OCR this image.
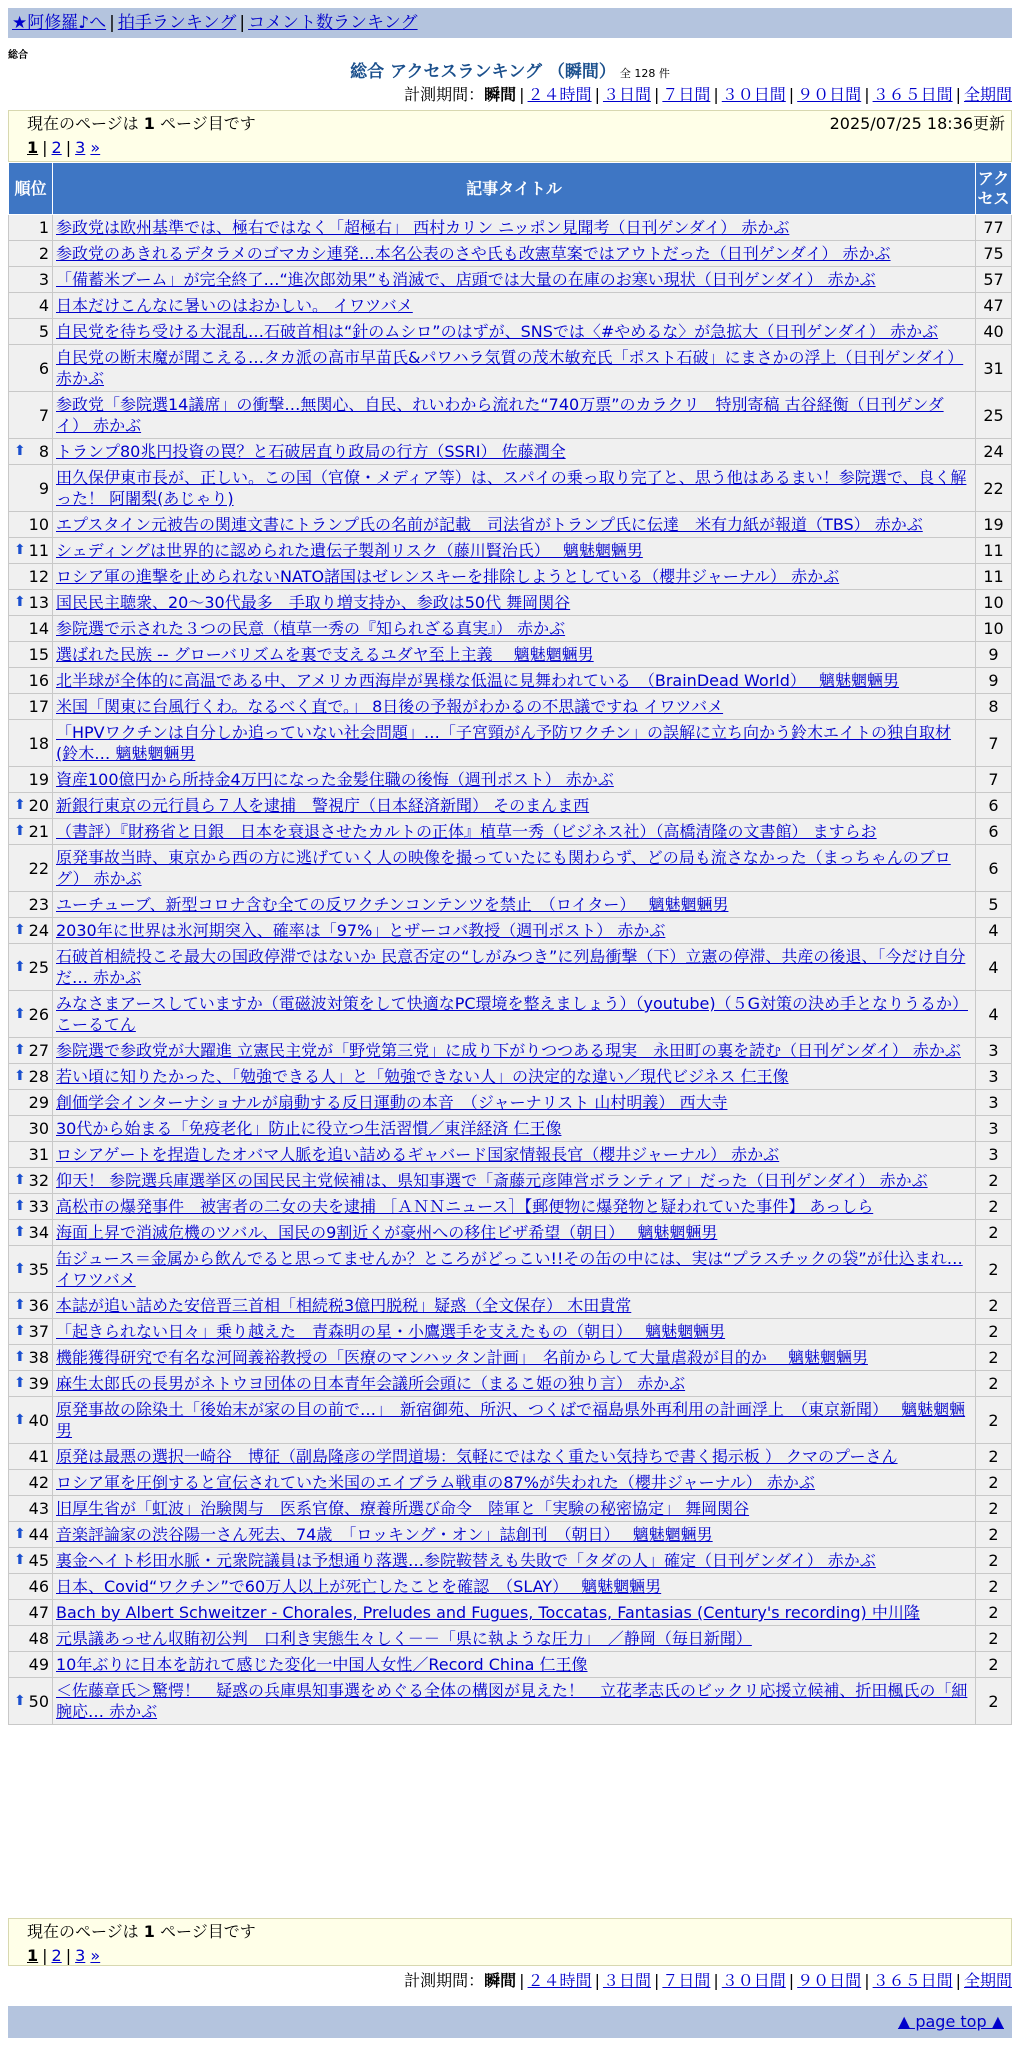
★阿修羅♪へ | 拍手ランキング | コメント数ランキング
総合
総合 アクセスランキング （瞬間） 全 128 件
計測期間：瞬間 | ２４時間 | ３日間 | ７日間 | ３０日間 | ９０日間 | ３６５日間 | 全期間
現在のページは 1 ページ目です	2025/07/25 18:36更新
1 | 2 | 3 »
順位	記事タイトル	アクセス
1	参政党は欧州基準では、極右ではなく「超極右」 西村カリン ニッポン見聞考（日刊ゲンダイ） 赤かぶ	77
2	参政党のあきれるデタラメのゴマカシ連発…本名公表のさや氏も改憲草案ではアウトだった（日刊ゲンダイ） 赤かぶ	75
3	「備蓄米ブーム」が完全終了…“進次郎効果”も消滅で、店頭では大量の在庫のお寒い現状（日刊ゲンダイ） 赤かぶ	57
4	日本だけこんなに暑いのはおかしい。 イワツバメ	47
5	自民党を待ち受ける大混乱…石破首相は“針のムシロ”のはずが、SNSでは〈#やめるな〉が急拡大（日刊ゲンダイ） 赤かぶ	40
6	自民党の断末魔が聞こえる…タカ派の高市早苗氏&パワハラ気質の茂木敏充氏「ポスト石破」にまさかの浮上（日刊ゲンダイ） 赤かぶ	31
7	参政党「参院選14議席」の衝撃…無関心、自民、れいわから流れた“740万票”のカラクリ　特別寄稿 古谷経衡（日刊ゲンダイ） 赤かぶ	25

⬆ 8	トランプ80兆円投資の罠？と石破居直り政局の行方（SSRI） 佐藤潤全	24
9	田久保伊東市長が、正しい。この国（官僚・メディア等）は、スパイの乗っ取り完了と、思う他はあるまい！参院選で、良く解った！ 阿闍梨(あじゃり)	22
10	エプスタイン元被告の関連文書にトランプ氏の名前が記載　司法省がトランプ氏に伝達　米有力紙が報道（TBS） 赤かぶ	19

⬆ 11	シェディングは世界的に認められた遺伝子製剤リスク（藤川賢治氏）　 魑魅魍魎男	11
12	ロシア軍の進撃を止められないNATO諸国はゼレンスキーを排除しようとしている（櫻井ジャーナル） 赤かぶ	11

⬆ 13	国民民主聴衆、20～30代最多　手取り増支持か、参政は50代 舞岡関谷	10
14	参院選で示された３つの民意（植草一秀の『知られざる真実』） 赤かぶ	10
15	選ばれた民族 -- グローバリズムを裏で支えるユダヤ至上主義　 魑魅魍魎男	9
16	北半球が全体的に高温である中、アメリカ西海岸が異様な低温に見舞われている　（BrainDead World）　 魑魅魍魎男	9
17	米国「関東に台風行くわ。なるべく直で。」 8日後の予報がわかるの不思議ですね イワツバメ	8
18	「HPVワクチンは自分しか追っていない社会問題」…「子宮頸がん予防ワクチン」の誤解に立ち向かう鈴木エイトの独自取材(鈴木… 魑魅魍魎男	7
19	資産100億円から所持金4万円になった金髪住職の後悔（週刊ポスト） 赤かぶ	7

⬆ 20	新銀行東京の元行員ら７人を逮捕　警視庁（日本経済新聞） そのまんま西	6

⬆ 21	（書評）『財務省と日銀　日本を衰退させたカルトの正体』植草一秀（ビジネス社）（高橋清隆の文書館） ますらお	6
22	原発事故当時、東京から西の方に逃げていく人の映像を撮っていたにも関わらず、どの局も流さなかった（まっちゃんのブログ） 赤かぶ	6
23	ユーチューブ、新型コロナ含む全ての反ワクチンコンテンツを禁止　（ロイター）　 魑魅魍魎男	5

⬆ 24	2030年に世界は氷河期突入、確率は「97%」とザーコバ教授（週刊ポスト） 赤かぶ	4

⬆ 25	石破首相続投こそ最大の国政停滞ではないか 民意否定の“しがみつき”に列島衝撃（下）立憲の停滞、共産の後退、「今だけ自分だ… 赤かぶ	4

⬆ 26	みなさまアースしていますか（電磁波対策をして快適なPC環境を整えましょう）（youtube)（５G対策の決め手となりうるか） こーるてん	4

⬆ 27	参院選で参政党が大躍進 立憲民主党が「野党第三党」に成り下がりつつある現実　永田町の裏を読む（日刊ゲンダイ） 赤かぶ	3

⬆ 28	若い頃に知りたかった、「勉強できる人」と「勉強できない人」の決定的な違い／現代ビジネス 仁王像	3
29	創価学会インターナショナルが扇動する反日運動の本音　（ジャーナリスト 山村明義） 西大寺	3
30	30代から始まる「免疫老化」防止に役立つ生活習慣／東洋経済 仁王像	3
31	ロシアゲートを捏造したオバマ人脈を追い詰めるギャバード国家情報長官（櫻井ジャーナル） 赤かぶ	3

⬆ 32	仰天！ 参院選兵庫選挙区の国民民主党候補は、県知事選で「斎藤元彦陣営ボランティア」だった（日刊ゲンダイ） 赤かぶ	2

⬆ 33	高松市の爆発事件　被害者の二女の夫を逮捕 ［ＡＮＮニュース］【郵便物に爆発物と疑われていた事件】 あっしら	2

⬆ 34	海面上昇で消滅危機のツバル、国民の9割近くが豪州への移住ビザ希望（朝日）　 魑魅魍魎男	2

⬆ 35	缶ジュース＝金属から飲んでると思ってませんか？ところがどっこい!!その缶の中には、実は“プラスチックの袋”が仕込まれ… イワツバメ	2

⬆ 36	本誌が追い詰めた安倍晋三首相「相続税3億円脱税」疑惑（全文保存） 木田貴常	2

⬆ 37	「起きられない日々」乗り越えた　青森明の星・小鷹選手を支えたもの（朝日）　 魑魅魍魎男	2

⬆ 38	機能獲得研究で有名な河岡義裕教授の「医療のマンハッタン計画」　名前からして大量虐殺が目的か　 魑魅魍魎男	2

⬆ 39	麻生太郎氏の長男がネトウヨ団体の日本青年会議所会頭に（まるこ姫の独り言） 赤かぶ	2

⬆ 40	原発事故の除染土「後始末が家の目の前で…」　新宿御苑、所沢、つくばで福島県外再利用の計画浮上　（東京新聞）　 魑魅魍魎男	2
41	原発は最悪の選択一崎谷　博征（副島隆彦の学問道場：気軽にではなく重たい気持ちで書く掲示板 ） クマのプーさん	2
42	ロシア軍を圧倒すると宣伝されていた米国のエイブラム戦車の87%が失われた（櫻井ジャーナル） 赤かぶ	2
43	旧厚生省が「虹波」治験関与　医系官僚、療養所選び命令　陸軍と「実験の秘密協定」 舞岡関谷	2

⬆ 44	音楽評論家の渋谷陽一さん死去、74歳　「ロッキング・オン」誌創刊　（朝日）　 魑魅魍魎男	2

⬆ 45	裏金ヘイト杉田水脈・元衆院議員は予想通り落選…参院鞍替えも失敗で「タダの人」確定（日刊ゲンダイ） 赤かぶ	2
46	日本、Covid“ワクチン”で60万人以上が死亡したことを確認　（SLAY）　 魑魅魍魎男	2
47	Bach by Albert Schweitzer - Chorales, Preludes and Fugues, Toccatas, Fantasias (Century's recording) 中川隆	2
48	元県議あっせん収賄初公判　口利き実態生々しく－－「県に執ような圧力」　／静岡（毎日新聞）	2
49	10年ぶりに日本を訪れて感じた変化一中国人女性／Record China 仁王像	2

⬆ 50	＜佐藤章氏＞驚愕！　疑惑の兵庫県知事選をめぐる全体の構図が見えた！　立花孝志氏のビックリ応援立候補、折田楓氏の「細腕応… 赤かぶ	2
現在のページは 1 ページ目です
1 | 2 | 3 »
計測期間：瞬間 | ２４時間 | ３日間 | ７日間 | ３０日間 | ９０日間 | ３６５日間 | 全期間
▲ page top ▲
